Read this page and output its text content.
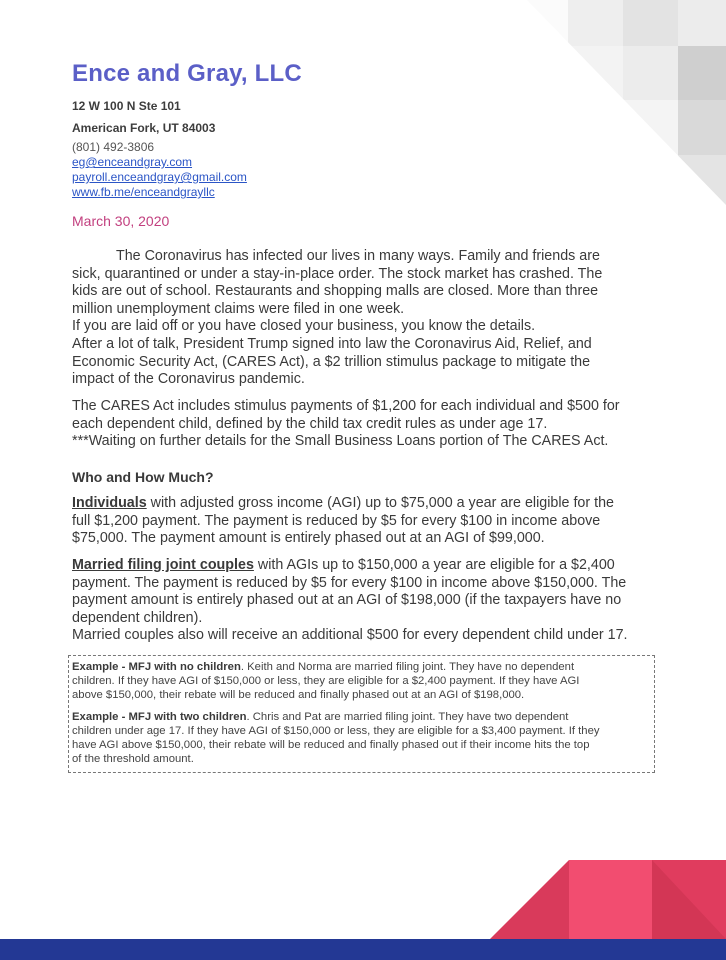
Ence and Gray, LLC
12 W 100 N Ste 101
American Fork, UT 84003
(801) 492-3806
eg@enceandgray.com
payroll.enceandgray@gmail.com
www.fb.me/enceandgrayllc
March 30, 2020
The Coronavirus has infected our lives in many ways. Family and friends are
sick, quarantined or under a stay-in-place order. The stock market has crashed. The
kids are out of school. Restaurants and shopping malls are closed. More than three
million unemployment claims were filed in one week.
If you are laid off or you have closed your business, you know the details.
After a lot of talk, President Trump signed into law the Coronavirus Aid, Relief, and
Economic Security Act, (CARES Act), a $2 trillion stimulus package to mitigate the
impact of the Coronavirus pandemic.
The CARES Act includes stimulus payments of $1,200 for each individual and $500 for
each dependent child, defined by the child tax credit rules as under age 17.
***Waiting on further details for the Small Business Loans portion of The CARES Act.
Who and How Much?
Individuals with adjusted gross income (AGI) up to $75,000 a year are eligible for the
full $1,200 payment. The payment is reduced by $5 for every $100 in income above
$75,000. The payment amount is entirely phased out at an AGI of $99,000.
Married filing joint couples with AGIs up to $150,000 a year are eligible for a $2,400
payment. The payment is reduced by $5 for every $100 in income above $150,000. The
payment amount is entirely phased out at an AGI of $198,000 (if the taxpayers have no
dependent children).
Married couples also will receive an additional $500 for every dependent child under 17.

Example - MFJ with no children. Keith and Norma are married filing joint. They have no dependent
children. If they have AGI of $150,000 or less, they are eligible for a $2,400 payment. If they have AGI
above $150,000, their rebate will be reduced and finally phased out at an AGI of $198,000.

Example - MFJ with two children. Chris and Pat are married filing joint. They have two dependent
children under age 17. If they have AGI of $150,000 or less, they are eligible for a $3,400 payment. If they
have AGI above $150,000, their rebate will be reduced and finally phased out if their income hits the top
of the threshold amount.
